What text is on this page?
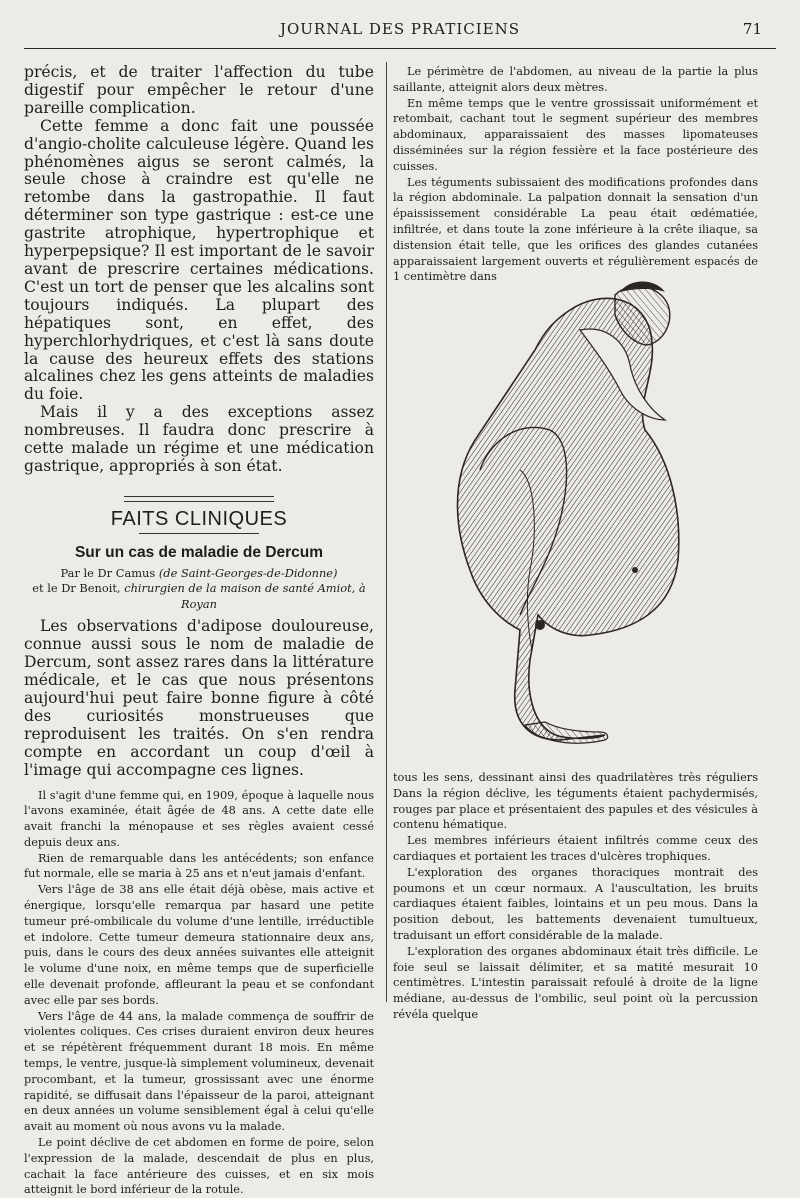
JOURNAL DES PRATICIENS	71

précis, et de traiter l'affection du tube digestif pour empêcher le retour d'une pareille complication.

Cette femme a donc fait une poussée d'angio-cholite calculeuse légère. Quand les phénomènes aigus se seront calmés, la seule chose à craindre est qu'elle ne retombe dans la gastropathie. Il faut déterminer son type gastrique : est-ce une gastrite atrophique, hypertrophique et hyperpepsique? Il est important de le savoir avant de prescrire certaines médications. C'est un tort de penser que les alcalins sont toujours indiqués. La plupart des hépatiques sont, en effet, des hyperchlorhydriques, et c'est là sans doute la cause des heureux effets des stations alcalines chez les gens atteints de maladies du foie.

Mais il y a des exceptions assez nombreuses. Il faudra donc prescrire à cette malade un régime et une médication gastrique, appropriés à son état.

FAITS CLINIQUES
Sur un cas de maladie de Dercum
Par le Dr Camus (de Saint-Georges-de-Didonne)
et le Dr Benoit, chirurgien de la maison de santé Amiot, à Royan

Les observations d'adipose douloureuse, connue aussi sous le nom de maladie de Dercum, sont assez rares dans la littérature médicale, et le cas que nous présentons aujourd'hui peut faire bonne figure à côté des curiosités monstrueuses que reproduisent les traités. On s'en rendra compte en accordant un coup d'œil à l'image qui accompagne ces lignes.

Il s'agit d'une femme qui, en 1909, époque à laquelle nous l'avons examinée, était âgée de 48 ans. A cette date elle avait franchi la ménopause et ses règles avaient cessé depuis deux ans.

Rien de remarquable dans les antécédents; son enfance fut normale, elle se maria à 25 ans et n'eut jamais d'enfant.

Vers l'âge de 38 ans elle était déjà obèse, mais active et énergique, lorsqu'elle remarqua par hasard une petite tumeur pré-ombilicale du volume d'une lentille, irréductible et indolore. Cette tumeur demeura stationnaire deux ans, puis, dans le cours des deux années suivantes elle atteignit le volume d'une noix, en même temps que de superficielle elle devenait profonde, affleurant la peau et se confondant avec elle par ses bords.

Vers l'âge de 44 ans, la malade commença de souffrir de violentes coliques. Ces crises duraient environ deux heures et se répétèrent fréquemment durant 18 mois. En même temps, le ventre, jusque-là simplement volumineux, devenait procombant, et la tumeur, grossissant avec une énorme rapidité, se diffusait dans l'épaisseur de la paroi, atteignant en deux années un volume sensiblement égal à celui qu'elle avait au moment où nous avons vu la malade.

Le point déclive de cet abdomen en forme de poire, selon l'expression de la malade, descendait de plus en plus, cachait la face antérieure des cuisses, et en six mois atteignit le bord inférieur de la rotule.

Le périmètre de l'abdomen, au niveau de la partie la plus saillante, atteignit alors deux mètres.

En même temps que le ventre grossissait uniformément et retombait, cachant tout le segment supérieur des membres abdominaux, apparaissaient des masses lipomateuses disséminées sur la région fessière et la face postérieure des cuisses.

Les téguments subissaient des modifications profondes dans la région abdominale. La palpation donnait la sensation d'un épaississement considérable La peau était œdématiée, infiltrée, et dans toute la zone inférieure à la crête iliaque, sa distension était telle, que les orifices des glandes cutanées apparaissaient largement ouverts et régulièrement espacés de 1 centimètre dans

tous les sens, dessinant ainsi des quadrilatères très réguliers Dans la région déclive, les téguments étaient pachydermisés, rouges par place et présentaient des papules et des vésicules à contenu hématique.

Les membres inférieurs étaient infiltrés comme ceux des cardiaques et portaient les traces d'ulcères trophiques.

L'exploration des organes thoraciques montrait des poumons et un cœur normaux. A l'auscultation, les bruits cardiaques étaient faibles, lointains et un peu mous. Dans la position debout, les battements devenaient tumultueux, traduisant un effort considérable de la malade.

L'exploration des organes abdominaux était très difficile. Le foie seul se laissait délimiter, et sa matité mesurait 10 centimètres. L'intestin paraissait refoulé à droite de la ligne médiane, au-dessus de l'ombilic, seul point où la percussion révéla quelque
